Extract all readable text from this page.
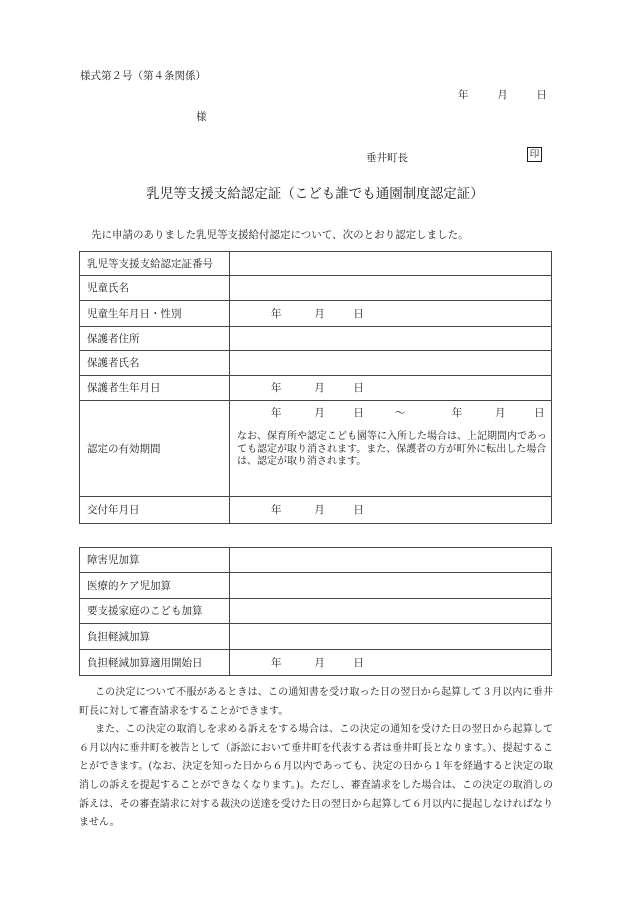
様式第２号（第４条関係）
年	月	日
様
垂井町長	印
乳児等支援支給認定証（こども誰でも通園制度認定証）
先に申請のありました乳児等支援給付認定について、次のとおり認定しました。
乳児等支援支給認定証番号	
児童氏名	
児童生年月日・性別	年 月 日

保護者住所	
保護者氏名	
保護者生年月日	年 月 日

認定の有効期間	年 月 日 ～ 年 月 日
なお、保育所や認定こども園等に入所した場合は、上記期間内であっても認定が取り消されます。また、保護者の方が町外に転出した場合は、認定が取り消されます。

交付年月日	年 月 日
障害児加算	
医療的ケア児加算	
要支援家庭のこども加算	
負担軽減加算	
負担軽減加算適用開始日	年 月 日

この決定について不服があるときは、この通知書を受け取った日の翌日から起算して３月以内に垂井町長に対して審査請求をすることができます。

また、この決定の取消しを求める訴えをする場合は、この決定の通知を受けた日の翌日から起算して６月以内に垂井町を被告として（訴訟において垂井町を代表する者は垂井町長となります。）、提起することができます。(なお、決定を知った日から６月以内であっても、決定の日から１年を経過すると決定の取消しの訴えを提起することができなくなります。)。ただし、審査請求をした場合は、この決定の取消しの訴えは、その審査請求に対する裁決の送達を受けた日の翌日から起算して６月以内に提起しなければなりません。
